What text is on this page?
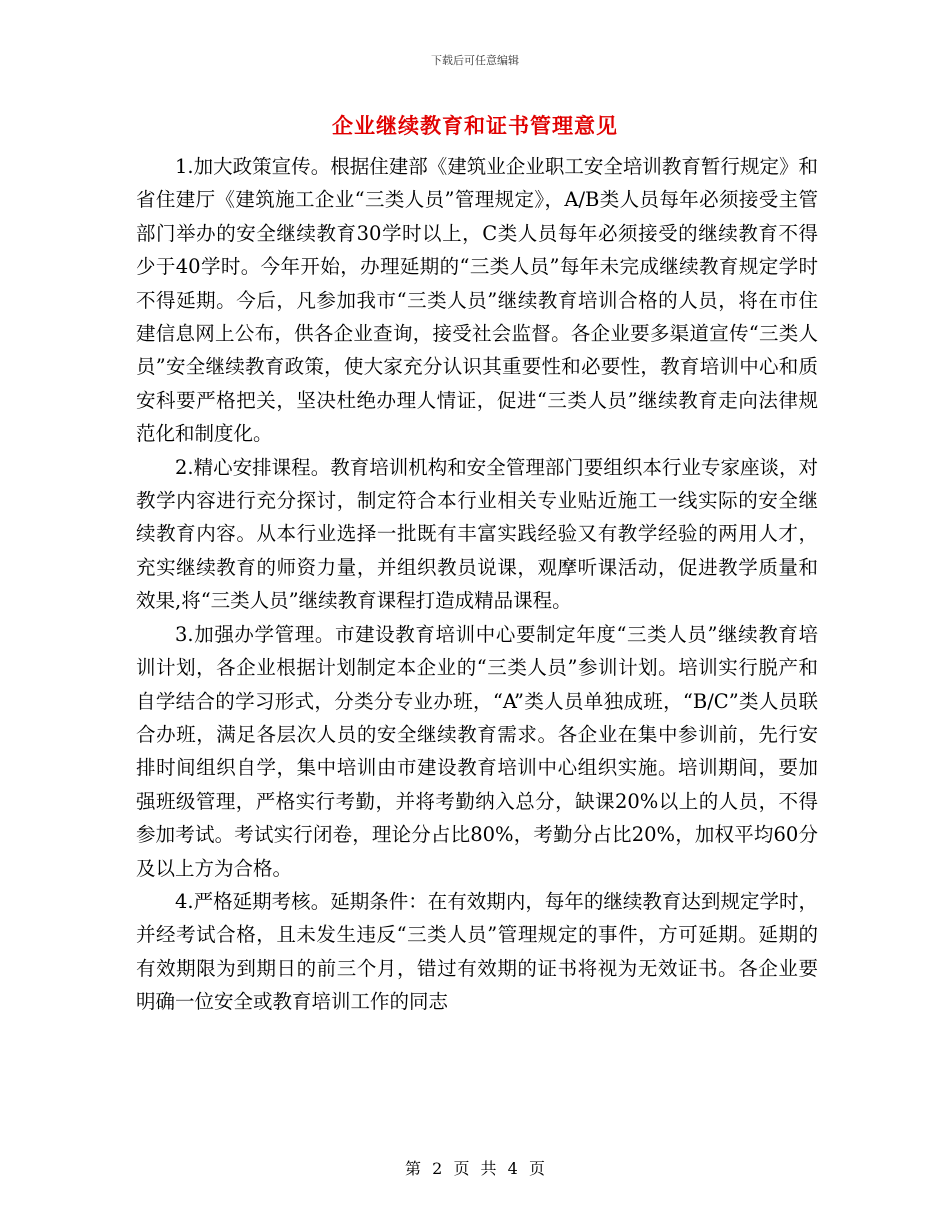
下载后可任意编辑
企业继续教育和证书管理意见

1.加大政策宣传。根据住建部《建筑业企业职工安全培训教育暂行规定》和省住建厅《建筑施工企业“三类人员”管理规定》，A/B类人员每年必须接受主管部门举办的安全继续教育30学时以上，C类人员每年必须接受的继续教育不得少于40学时。今年开始，办理延期的“三类人员”每年未完成继续教育规定学时不得延期。今后，凡参加我市“三类人员”继续教育培训合格的人员，将在市住建信息网上公布，供各企业查询，接受社会监督。各企业要多渠道宣传“三类人员”安全继续教育政策，使大家充分认识其重要性和必要性，教育培训中心和质安科要严格把关，坚决杜绝办理人情证，促进“三类人员”继续教育走向法律规范化和制度化。

2.精心安排课程。教育培训机构和安全管理部门要组织本行业专家座谈，对教学内容进行充分探讨，制定符合本行业相关专业贴近施工一线实际的安全继续教育内容。从本行业选择一批既有丰富实践经验又有教学经验的两用人才，充实继续教育的师资力量，并组织教员说课，观摩听课活动，促进教学质量和效果,将“三类人员”继续教育课程打造成精品课程。

3.加强办学管理。市建设教育培训中心要制定年度“三类人员”继续教育培训计划，各企业根据计划制定本企业的“三类人员”参训计划。培训实行脱产和自学结合的学习形式，分类分专业办班，“A”类人员单独成班，“B/C”类人员联合办班，满足各层次人员的安全继续教育需求。各企业在集中参训前，先行安排时间组织自学，集中培训由市建设教育培训中心组织实施。培训期间，要加强班级管理，严格实行考勤，并将考勤纳入总分，缺课20%以上的人员，不得参加考试。考试实行闭卷，理论分占比80%，考勤分占比20%，加权平均60分及以上方为合格。

4.严格延期考核。延期条件：在有效期内，每年的继续教育达到规定学时，并经考试合格，且未发生违反“三类人员”管理规定的事件，方可延期。延期的有效期限为到期日的前三个月，错过有效期的证书将视为无效证书。各企业要明确一位安全或教育培训工作的同志

第 2 页 共 4 页
